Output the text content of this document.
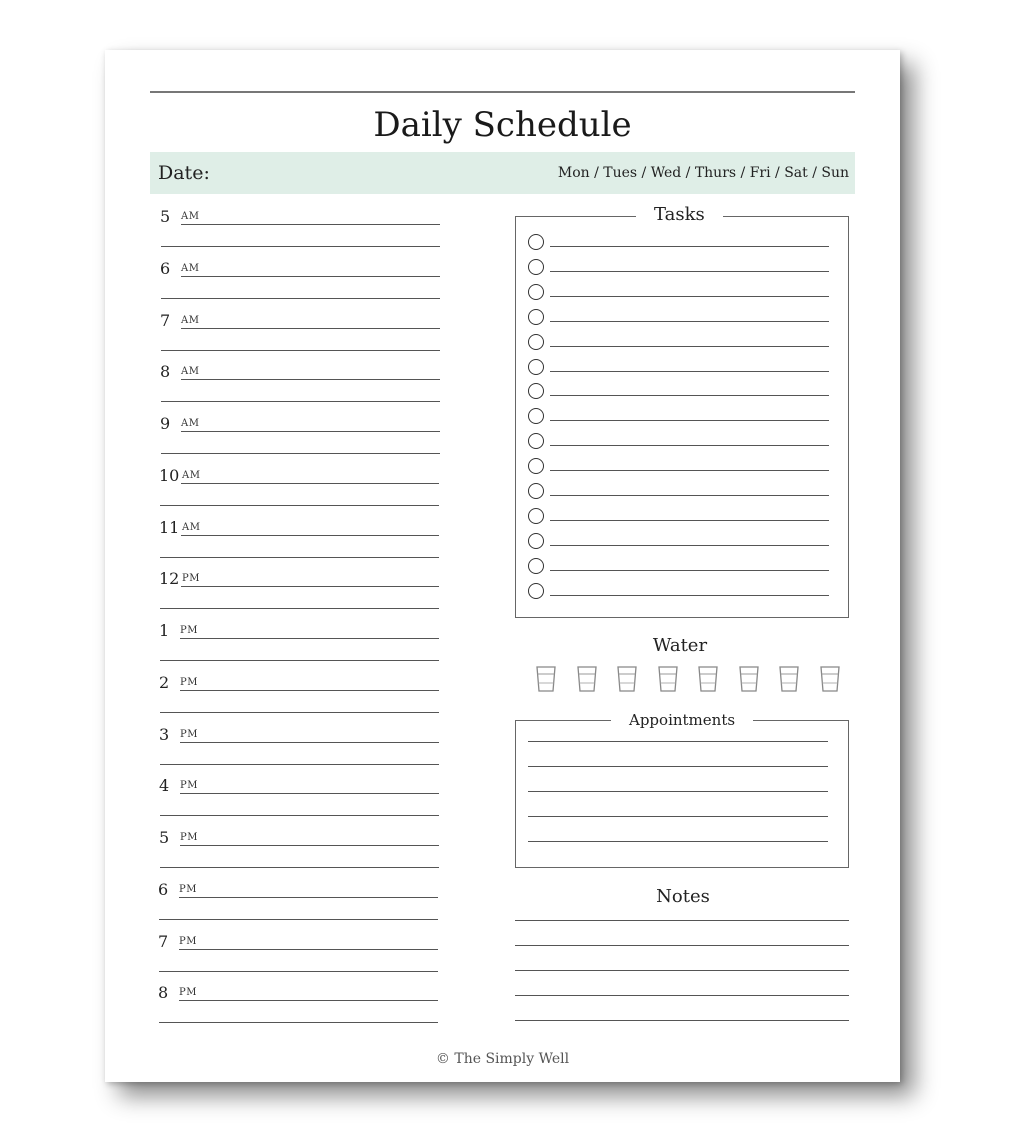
Daily Schedule
Date:	Mon / Tues / Wed / Thurs / Fri / Sat / Sun
5 AM
6 AM
7 AM
8 AM
9 AM
10 AM
11 AM
12 PM
1 PM
2 PM
3 PM
4 PM
5 PM
6 PM
7 PM
8 PM
Tasks
Water
Appointments
Notes
© The Simply Well
